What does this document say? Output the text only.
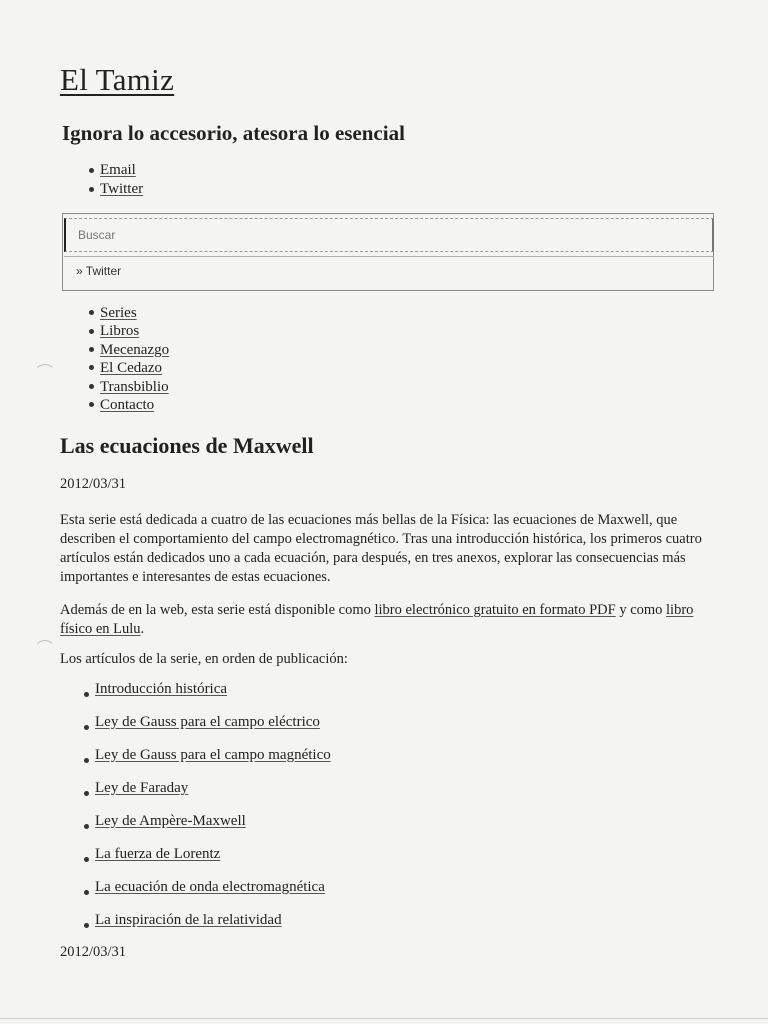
El Tamiz
Ignora lo accesorio, atesora lo esencial
Email
Twitter
Buscar
» Twitter
Series
Libros
Mecenazgo
El Cedazo
Transbiblio
Contacto
Las ecuaciones de Maxwell
2012/03/31

Esta serie está dedicada a cuatro de las ecuaciones más bellas de la Física: las ecuaciones de Maxwell, que describen el comportamiento del campo electromagnético. Tras una introducción histórica, los primeros cuatro artículos están dedicados uno a cada ecuación, para después, en tres anexos, explorar las consecuencias más importantes e interesantes de estas ecuaciones.

Además de en la web, esta serie está disponible como libro electrónico gratuito en formato PDF y como libro físico en Lulu.

Los artículos de la serie, en orden de publicación:

Introducción histórica
Ley de Gauss para el campo eléctrico
Ley de Gauss para el campo magnético
Ley de Faraday
Ley de Ampère-Maxwell
La fuerza de Lorentz
La ecuación de onda electromagnética
La inspiración de la relatividad
2012/03/31
